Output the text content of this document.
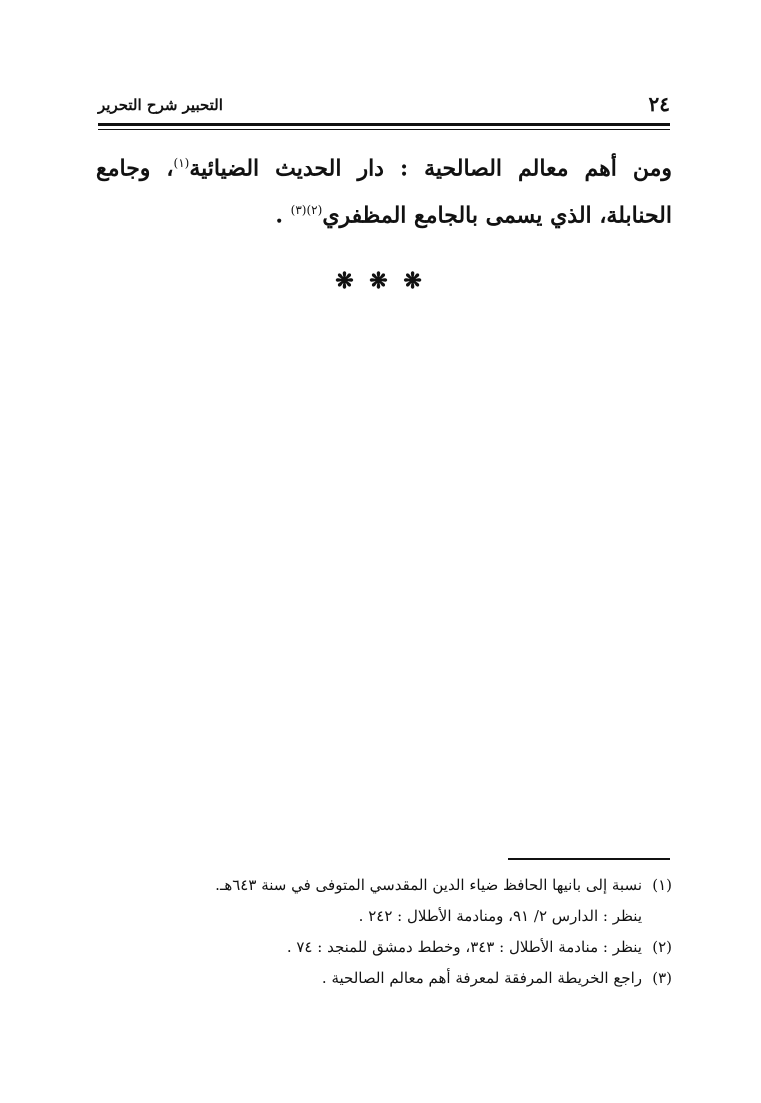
٢٤
التحبير شرح التحرير

ومن أهم معالم الصالحية : دار الحديث الضيائية$^{(١)}$، وجامع الحنابلة، الذي يسمى بالجامع المظفري$^{(٢)(٣)}$ .

❋ ❋ ❋
(١)
نسبة إلى بانيها الحافظ ضياء الدين المقدسي المتوفى في سنة ٦٤٣هـ.
ينظر : الدارس ٢/ ٩١، ومنادمة الأطلال : ٢٤٢ .
(٢)
ينظر : منادمة الأطلال : ٣٤٣، وخطط دمشق للمنجد : ٧٤ .
(٣)
راجع الخريطة المرفقة لمعرفة أهم معالم الصالحية .
